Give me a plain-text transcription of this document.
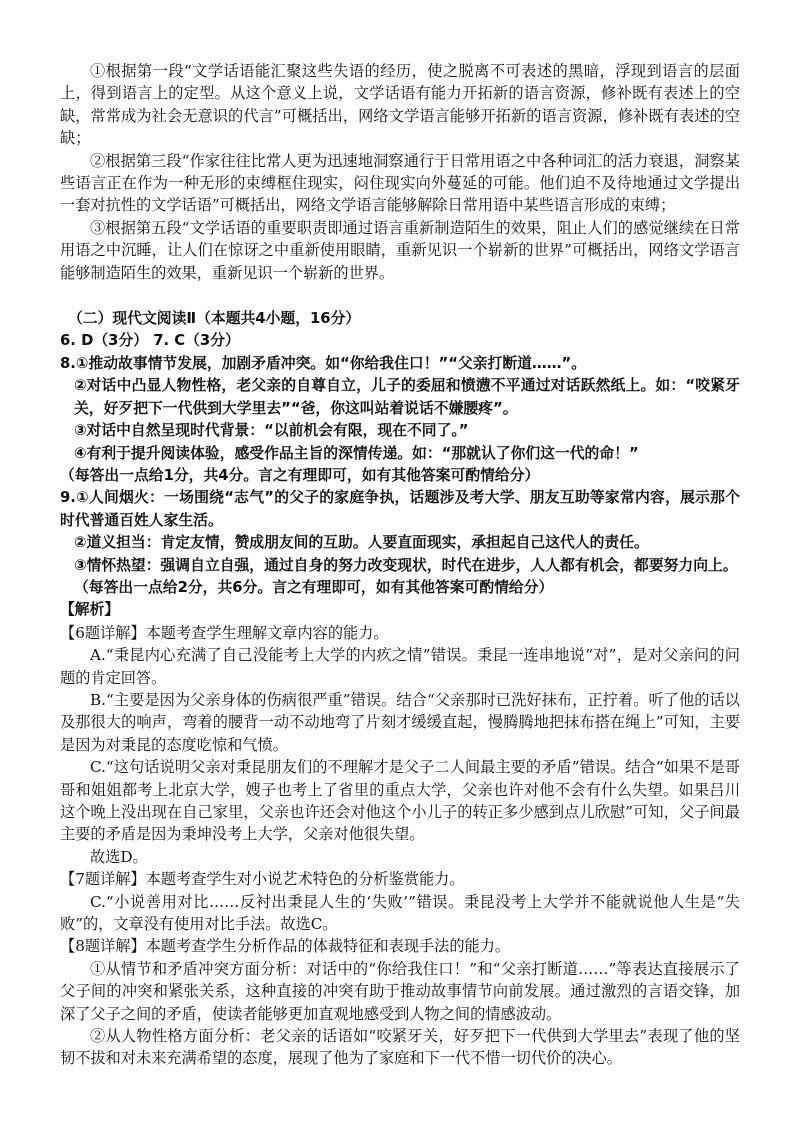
①根据第一段“文学话语能汇聚这些失语的经历，使之脱离不可表述的黑暗，浮现到语言的层面上，得到语言上的定型。从这个意义上说，文学话语有能力开拓新的语言资源，修补既有表述上的空缺，常常成为社会无意识的代言”可概括出，网络文学语言能够开拓新的语言资源，修补既有表述的空缺；

②根据第三段“作家往往比常人更为迅速地洞察通行于日常用语之中各种词汇的活力衰退，洞察某些语言正在作为一种无形的束缚框住现实，闷住现实向外蔓延的可能。他们迫不及待地通过文学提出一套对抗性的文学话语”可概括出，网络文学语言能够解除日常用语中某些语言形成的束缚；

③根据第五段“文学话语的重要职责即通过语言重新制造陌生的效果，阻止人们的感觉继续在日常用语之中沉睡，让人们在惊讶之中重新使用眼睛，重新见识一个崭新的世界”可概括出，网络文学语言能够制造陌生的效果，重新见识一个崭新的世界。

（二）现代文阅读Ⅱ（本题共4小题，16分）

6. D（3分） 7. C（3分）

8.①推动故事情节发展，加剧矛盾冲突。如“你给我住口！”“父亲打断道……”。

②对话中凸显人物性格，老父亲的自尊自立，儿子的委屈和愤懑不平通过对话跃然纸上。如：“咬紧牙关，好歹把下一代供到大学里去”“爸，你这叫站着说话不嫌腰疼”。

③对话中自然呈现时代背景：“以前机会有限，现在不同了。”

④有利于提升阅读体验，感受作品主旨的深情传递。如：“那就认了你们这一代的命！”

（每答出一点给1分，共4分。言之有理即可，如有其他答案可酌情给分）

9.①人间烟火：一场围绕“志气”的父子的家庭争执，话题涉及考大学、朋友互助等家常内容，展示那个时代普通百姓人家生活。

②道义担当：肯定友情，赞成朋友间的互助。人要直面现实，承担起自己这代人的责任。

③情怀热望：强调自立自强，通过自身的努力改变现状，时代在进步，人人都有机会，都要努力向上。

（每答出一点给2分，共6分。言之有理即可，如有其他答案可酌情给分）

【解析】

【6题详解】本题考查学生理解文章内容的能力。

A.“秉昆内心充满了自己没能考上大学的内疚之情”错误。秉昆一连串地说“对”，是对父亲问的问题的肯定回答。

B.“主要是因为父亲身体的伤病很严重”错误。结合“父亲那时已洗好抹布，正拧着。听了他的话以及那很大的响声，弯着的腰背一动不动地弯了片刻才缓缓直起，慢腾腾地把抹布搭在绳上”可知，主要是因为对秉昆的态度吃惊和气愤。

C.“这句话说明父亲对秉昆朋友们的不理解才是父子二人间最主要的矛盾”错误。结合“如果不是哥哥和姐姐都考上北京大学，嫂子也考上了省里的重点大学，父亲也许对他不会有什么失望。如果吕川这个晚上没出现在自己家里，父亲也许还会对他这个小儿子的转正多少感到点儿欣慰”可知，父子间最主要的矛盾是因为秉坤没考上大学，父亲对他很失望。

故选D。

【7题详解】本题考查学生对小说艺术特色的分析鉴赏能力。

C.“小说善用对比……反衬出秉昆人生的‘失败’”错误。秉昆没考上大学并不能就说他人生是“失败”的，文章没有使用对比手法。故选C。

【8题详解】本题考查学生分析作品的体裁特征和表现手法的能力。

①从情节和矛盾冲突方面分析：对话中的“你给我住口！”和“父亲打断道……”等表达直接展示了父子间的冲突和紧张关系，这种直接的冲突有助于推动故事情节向前发展。通过激烈的言语交锋，加深了父子之间的矛盾，使读者能够更加直观地感受到人物之间的情感波动。

②从人物性格方面分析：老父亲的话语如“咬紧牙关，好歹把下一代供到大学里去”表现了他的坚韧不拔和对未来充满希望的态度，展现了他为了家庭和下一代不惜一切代价的决心。
